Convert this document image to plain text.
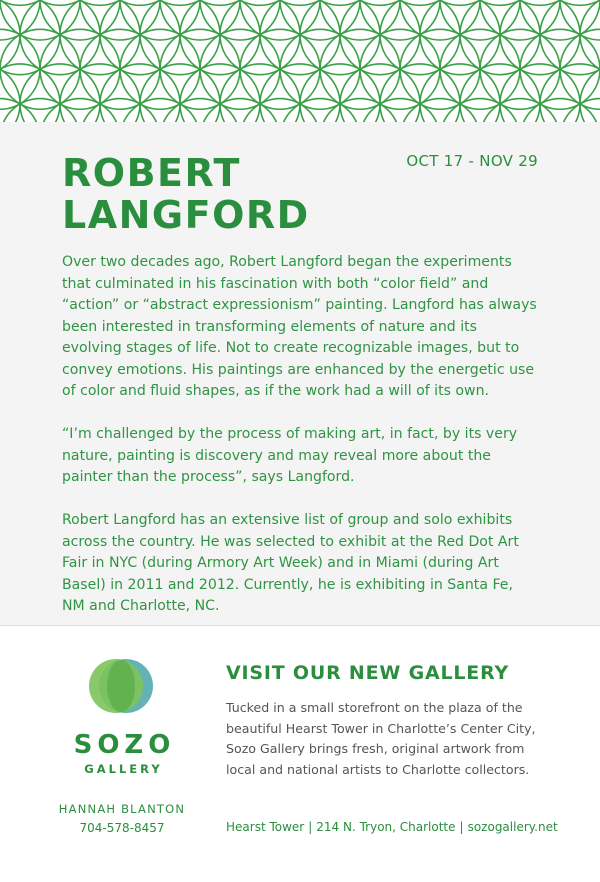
ROBERT
LANGFORD
OCT 17 - NOV 29

Over two decades ago, Robert Langford began the experiments that culminated in his fascination with both “color field” and “action” or “abstract expressionism” painting. Langford has always been interested in transforming elements of nature and its evolving stages of life. Not to create recognizable images, but to convey emotions. His paintings are enhanced by the energetic use of color and fluid shapes, as if the work had a will of its own.

“I’m challenged by the process of making art, in fact, by its very nature, painting is discovery and may reveal more about the painter than the process”, says Langford.

Robert Langford has an extensive list of group and solo exhibits across the country. He was selected to exhibit at the Red Dot Art Fair in NYC (during Armory Art Week) and in Miami (during Art Basel) in 2011 and 2012. Currently, he is exhibiting in Santa Fe, NM and Charlotte, NC.

SOZO
GALLERY
HANNAH BLANTON
704-578-8457
VISIT OUR NEW GALLERY
Tucked in a small storefront on the plaza of the beautiful Hearst Tower in Charlotte’s Center City, Sozo Gallery brings fresh, original artwork from local and national artists to Charlotte collectors.
Hearst Tower | 214 N. Tryon, Charlotte | sozogallery.net
